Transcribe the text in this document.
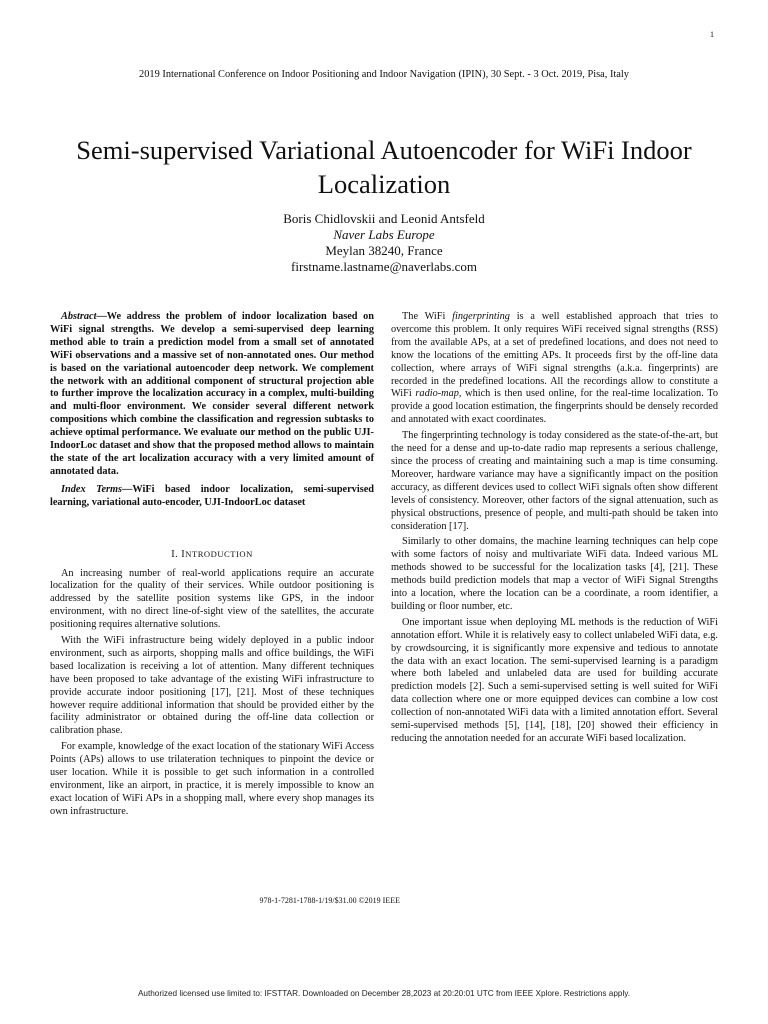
1
2019 International Conference on Indoor Positioning and Indoor Navigation (IPIN), 30 Sept. - 3 Oct. 2019, Pisa, Italy
Semi-supervised Variational Autoencoder for WiFi Indoor Localization
Boris Chidlovskii and Leonid Antsfeld
Naver Labs Europe
Meylan 38240, France
firstname.lastname@naverlabs.com

Abstract—We address the problem of indoor localization based on WiFi signal strengths. We develop a semi-supervised deep learning method able to train a prediction model from a small set of annotated WiFi observations and a massive set of non-annotated ones. Our method is based on the variational autoencoder deep network. We complement the network with an additional component of structural projection able to further improve the localization accuracy in a complex, multi-building and multi-floor environment. We consider several different network compositions which combine the classification and regression subtasks to achieve optimal performance. We evaluate our method on the public UJI-IndoorLoc dataset and show that the proposed method allows to maintain the state of the art localization accuracy with a very limited amount of annotated data.

Index Terms—WiFi based indoor localization, semi-supervised learning, variational auto-encoder, UJI-IndoorLoc dataset

I. INTRODUCTION

An increasing number of real-world applications require an accurate localization for the quality of their services. While outdoor positioning is addressed by the satellite position systems like GPS, in the indoor environment, with no direct line-of-sight view of the satellites, the accurate positioning requires alternative solutions.

With the WiFi infrastructure being widely deployed in a public indoor environment, such as airports, shopping malls and office buildings, the WiFi based localization is receiving a lot of attention. Many different techniques have been proposed to take advantage of the existing WiFi infrastructure to provide accurate indoor positioning [17], [21]. Most of these techniques however require additional information that should be provided either by the facility administrator or obtained during the off-line data collection or calibration phase.

For example, knowledge of the exact location of the stationary WiFi Access Points (APs) allows to use trilateration techniques to pinpoint the device or user location. While it is possible to get such information in a controlled environment, like an airport, in practice, it is merely impossible to know an exact location of WiFi APs in a shopping mall, where every shop manages its own infrastructure.

The WiFi fingerprinting is a well established approach that tries to overcome this problem. It only requires WiFi received signal strengths (RSS) from the available APs, at a set of predefined locations, and does not need to know the locations of the emitting APs. It proceeds first by the off-line data collection, where arrays of WiFi signal strengths (a.k.a. fingerprints) are recorded in the predefined locations. All the recordings allow to constitute a WiFi radio-map, which is then used online, for the real-time localization. To provide a good location estimation, the fingerprints should be densely recorded and annotated with exact coordinates.

The fingerprinting technology is today considered as the state-of-the-art, but the need for a dense and up-to-date radio map represents a serious challenge, since the process of creating and maintaining such a map is time consuming. Moreover, hardware variance may have a significantly impact on the position accuracy, as different devices used to collect WiFi signals often show different levels of consistency. Moreover, other factors of the signal attenuation, such as physical obstructions, presence of people, and multi-path should be taken into consideration [17].

Similarly to other domains, the machine learning techniques can help cope with some factors of noisy and multivariate WiFi data. Indeed various ML methods showed to be successful for the localization tasks [4], [21]. These methods build prediction models that map a vector of WiFi Signal Strengths into a location, where the location can be a coordinate, a room identifier, a building or floor number, etc.

One important issue when deploying ML methods is the reduction of WiFi annotation effort. While it is relatively easy to collect unlabeled WiFi data, e.g. by crowdsourcing, it is significantly more expensive and tedious to annotate the data with an exact location. The semi-supervised learning is a paradigm where both labeled and unlabeled data are used for building accurate prediction models [2]. Such a semi-supervised setting is well suited for WiFi data collection where one or more equipped devices can combine a low cost collection of non-annotated WiFi data with a limited annotation effort. Several semi-supervised methods [5], [14], [18], [20] showed their efficiency in reducing the annotation needed for an accurate WiFi based localization.

978-1-7281-1788-1/19/$31.00 ©2019 IEEE
Authorized licensed use limited to: IFSTTAR. Downloaded on December 28,2023 at 20:20:01 UTC from IEEE Xplore. Restrictions apply.
